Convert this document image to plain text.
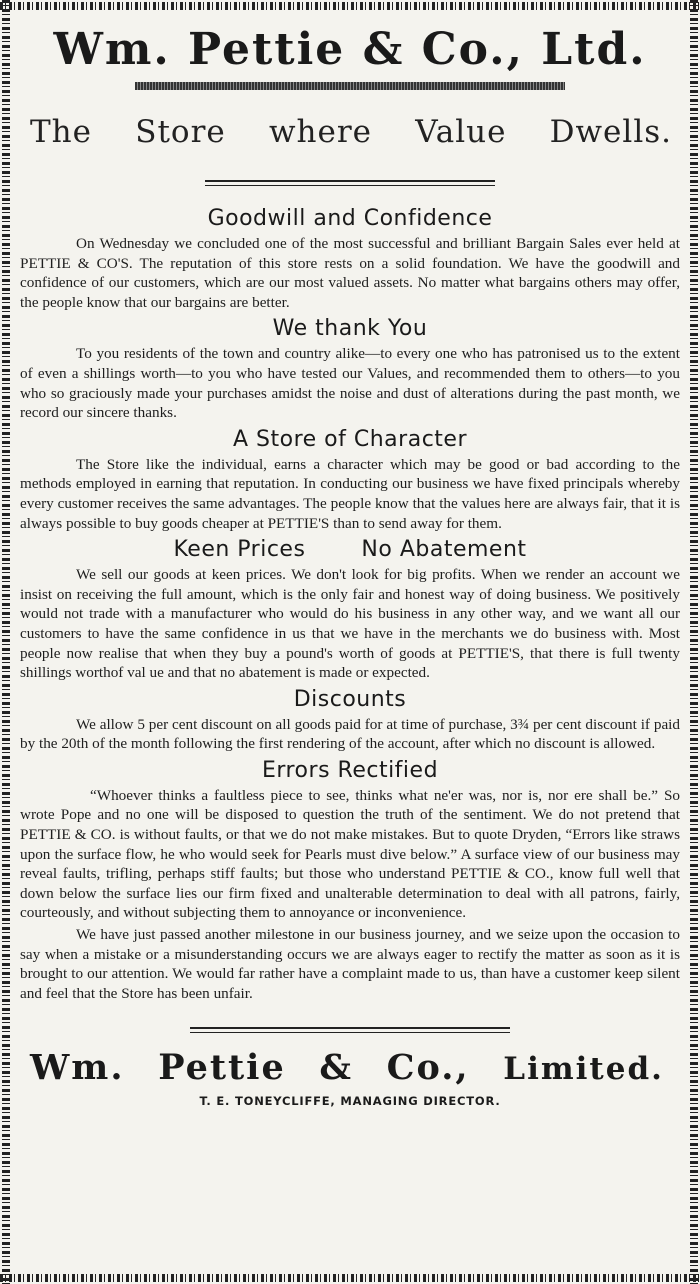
Wm. Pettie & Co., Ltd.
The Store where Value Dwells.
Goodwill and Confidence

On Wednesday we concluded one of the most successful and brilliant Bargain Sales ever held at PETTIE & CO'S. The reputation of this store rests on a solid foundation. We have the goodwill and confidence of our customers, which are our most valued assets. No matter what bargains others may offer, the people know that our bargains are better.

We thank You

To you residents of the town and country alike—to every one who has patronised us to the extent of even a shillings worth—to you who have tested our Values, and recommended them to others—to you who so graciously made your purchases amidst the noise and dust of alterations during the past month, we record our sincere thanks.

A Store of Character

The Store like the individual, earns a character which may be good or bad according to the methods employed in earning that reputation. In conducting our business we have fixed principals whereby every customer receives the same advantages. The people know that the values here are always fair, that it is always possible to buy goods cheaper at PETTIE'S than to send away for them.

Keen Prices	No Abatement

We sell our goods at keen prices. We don't look for big profits. When we render an account we insist on receiving the full amount, which is the only fair and honest way of doing business. We positively would not trade with a manufacturer who would do his business in any other way, and we want all our customers to have the same confidence in us that we have in the merchants we do business with. Most people now realise that when they buy a pound's worth of goods at PETTIE'S, that there is full twenty shillings worthof val ue and that no abatement is made or expected.

Discounts

We allow 5 per cent discount on all goods paid for at time of purchase, 3¾ per cent discount if paid by the 20th of the month following the first rendering of the account, after which no discount is allowed.

Errors Rectified

“Whoever thinks a faultless piece to see, thinks what ne'er was, nor is, nor ere shall be.” So wrote Pope and no one will be disposed to question the truth of the sentiment. We do not pretend that PETTIE & CO. is without faults, or that we do not make mistakes. But to quote Dryden, “Errors like straws upon the surface flow, he who would seek for Pearls must dive below.” A surface view of our business may reveal faults, trifling, perhaps stiff faults; but those who understand PETTIE & CO., know full well that down below the surface lies our firm fixed and unalterable determination to deal with all patrons, fairly, courteously, and without subjecting them to annoyance or inconvenience.

We have just passed another milestone in our business journey, and we seize upon the occasion to say when a mistake or a misunderstanding occurs we are always eager to rectify the matter as soon as it is brought to our attention. We would far rather have a complaint made to us, than have a customer keep silent and feel that the Store has been unfair.

Wm. Pettie & Co., Limited.
T. E. TONEYCLIFFE, MANAGING DIRECTOR.
